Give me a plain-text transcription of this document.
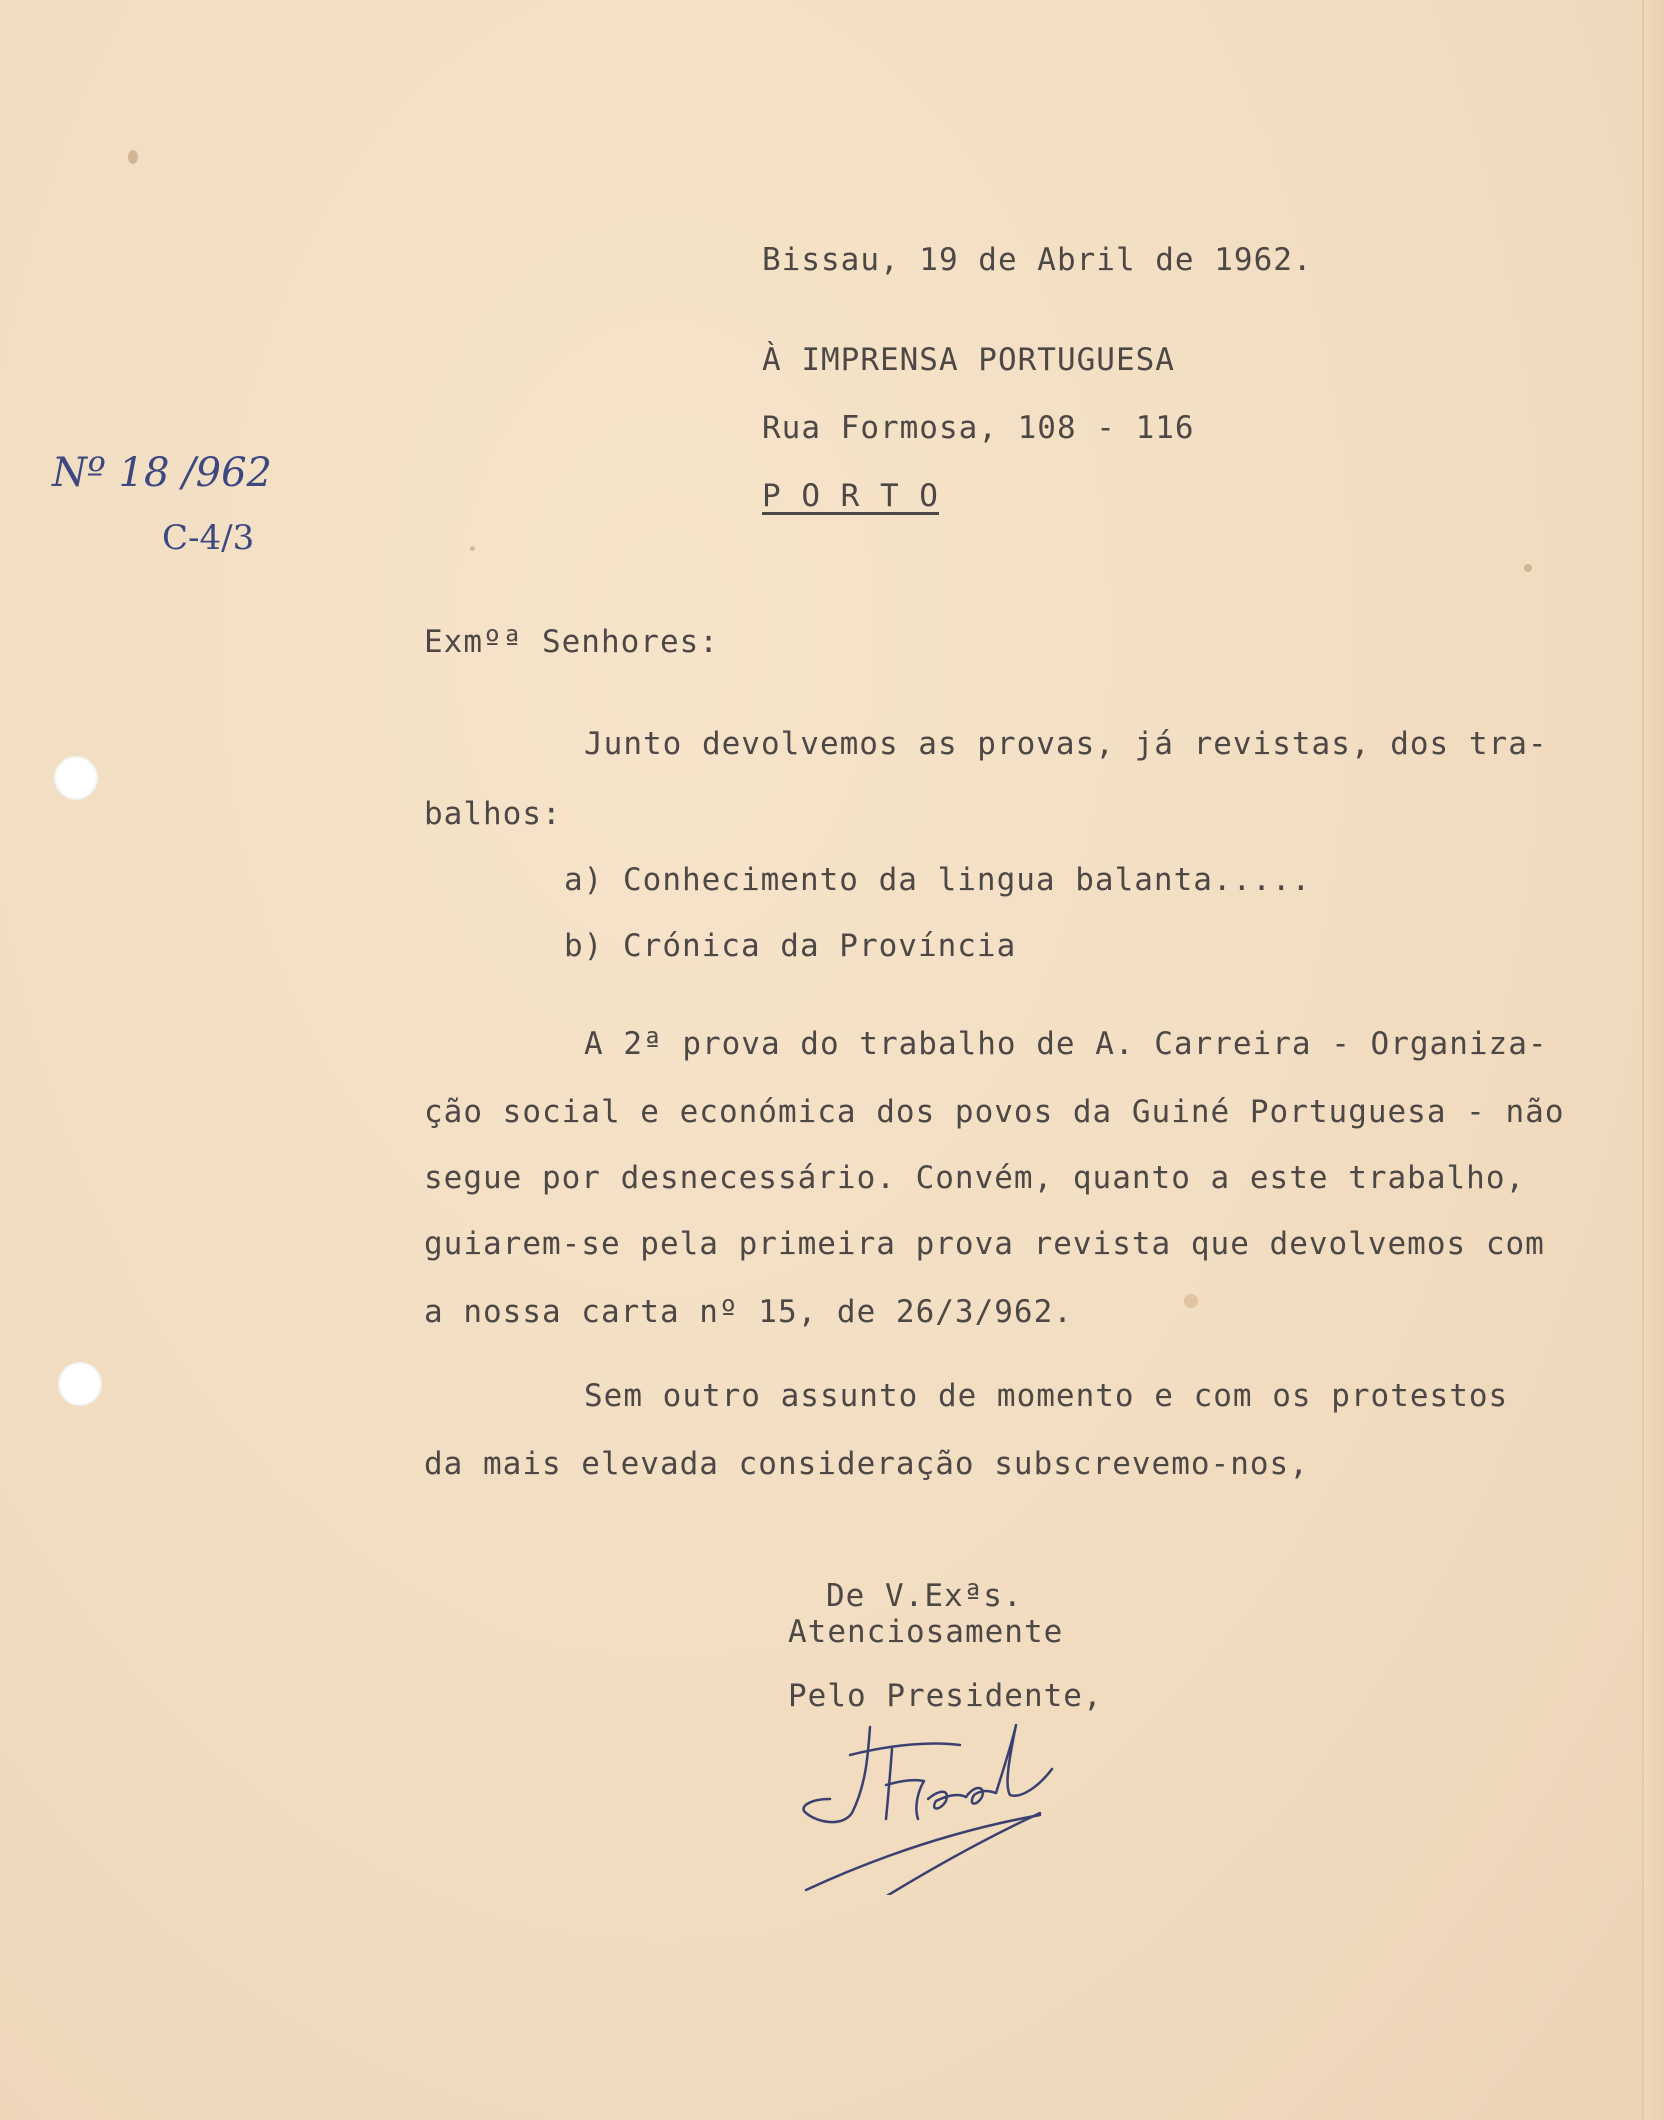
Nº 18 /962
C-4/3
Bissau, 19 de Abril de 1962.
À IMPRENSA PORTUGUESA
Rua Formosa, 108 - 116
P O R T O
Exmºª Senhores:
Junto devolvemos as provas, já revistas, dos tra-
balhos:
a) Conhecimento da lingua balanta.....
b) Crónica da Província
A 2ª prova do trabalho de A. Carreira - Organiza-
ção social e económica dos povos da Guiné Portuguesa - não
segue por desnecessário. Convém, quanto a este trabalho,
guiarem-se pela primeira prova revista que devolvemos com
a nossa carta nº 15, de 26/3/962.
Sem outro assunto de momento e com os protestos
da mais elevada consideração subscrevemo-nos,
De V.Exªs.
Atenciosamente
Pelo Presidente,
